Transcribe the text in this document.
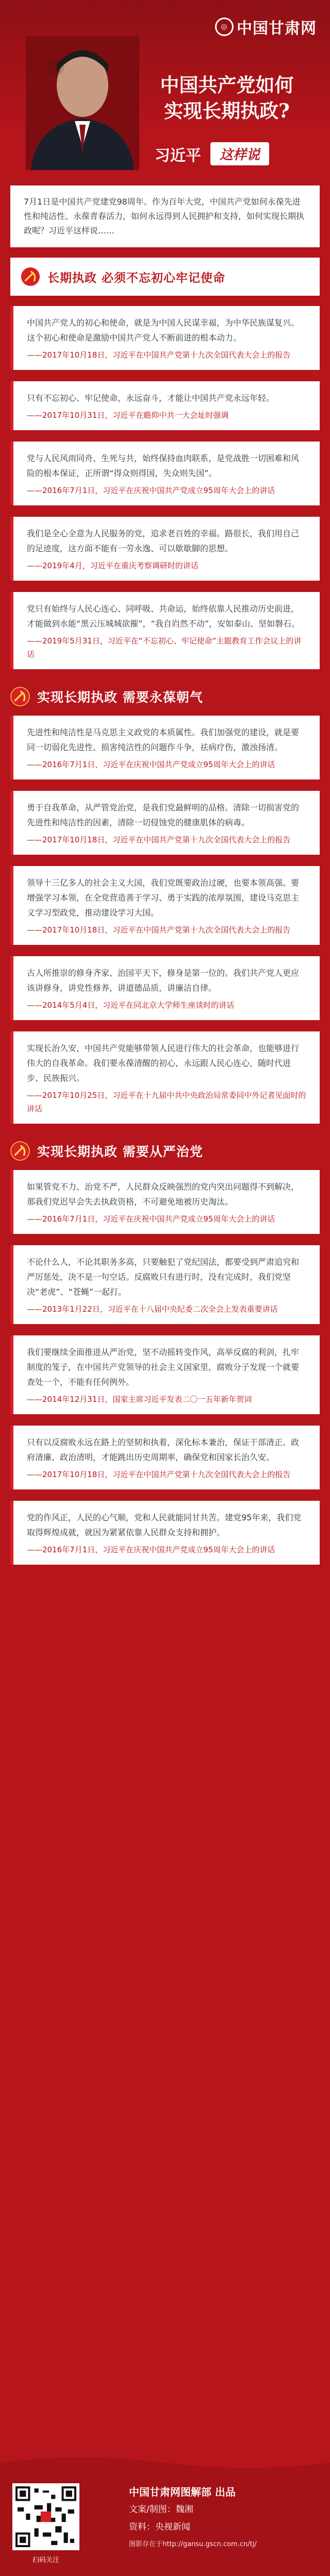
◎ 中国甘肃网
中国共产党如何
实现长期执政?
习近平	这样说
7月1日是中国共产党建党98周年。作为百年大党，中国共产党如何永葆先进性和纯洁性、永葆青春活力，如何永远得到人民拥护和支持，如何实现长期执政呢？习近平这样说……
长期执政 必须不忘初心牢记使命
中国共产党人的初心和使命，就是为中国人民谋幸福，为中华民族谋复兴。这个初心和使命是激励中国共产党人不断前进的根本动力。
——2017年10月18日，习近平在中国共产党第十九次全国代表大会上的报告
只有不忘初心、牢记使命，永远奋斗，才能让中国共产党永远年轻。
——2017年10月31日，习近平在瞻仰中共一大会址时强调
党与人民风雨同舟、生死与共，始终保持血肉联系，是党战胜一切困难和风险的根本保证，正所谓“得众则得国，失众则失国”。
——2016年7月1日，习近平在庆祝中国共产党成立95周年大会上的讲话
我们是全心全意为人民服务的党，追求老百姓的幸福。路很长，我们用自己的足迹度，这方面不能有一劳永逸、可以歇歇脚的思想。
——2019年4月，习近平在重庆考察调研时的讲话
党只有始终与人民心连心、同呼吸、共命运，始终依靠人民推动历史前进，才能做到水能“黑云压城城欲摧”，“我自岿然不动”，安如泰山、坚如磐石。
——2019年5月31日，习近平在“不忘初心、牢记使命”主题教育工作会议上的讲话
实现长期执政 需要永葆朝气
先进性和纯洁性是马克思主义政党的本质属性。我们加强党的建设，就是要同一切弱化先进性、损害纯洁性的问题作斗争，祛病疗伤，激浊扬清。
——2016年7月1日，习近平在庆祝中国共产党成立95周年大会上的讲话
勇于自我革命，从严管党治党，是我们党最鲜明的品格。清除一切损害党的先进性和纯洁性的因素，清除一切侵蚀党的健康肌体的病毒。
——2017年10月18日，习近平在中国共产党第十九次全国代表大会上的报告
领导十三亿多人的社会主义大国，我们党既要政治过硬，也要本领高强。要增强学习本领，在全党营造善于学习、勇于实践的浓厚氛围，建设马克思主义学习型政党，推动建设学习大国。
——2017年10月18日，习近平在中国共产党第十九次全国代表大会上的报告
古人所推崇的修身齐家、治国平天下，修身是第一位的。我们共产党人更应该讲修身，讲党性修养，讲道德品质，讲廉洁自律。
——2014年5月4日，习近平在同北京大学师生座谈时的讲话
实现长治久安，中国共产党能够带领人民进行伟大的社会革命，也能够进行伟大的自我革命。我们要永葆清醒的初心，永远跟人民心连心，随时代进步、民族振兴。
——2017年10月25日，习近平在十九届中共中央政治局常委同中外记者见面时的讲话
实现长期执政 需要从严治党
如果管党不力、治党不严，人民群众反映强烈的党内突出问题得不到解决，那我们党迟早会失去执政资格，不可避免地被历史淘汰。
——2016年7月1日，习近平在庆祝中国共产党成立95周年大会上的讲话
不论什么人，不论其职务多高，只要触犯了党纪国法，都要受到严肃追究和严厉惩处，决不是一句空话。反腐败只有进行时，没有完成时，我们党坚决“老虎”、“苍蝇”一起打。
——2013年1月22日，习近平在十八届中央纪委二次全会上发表重要讲话
我们要继续全面推进从严治党，坚不动摇转变作风，高举反腐的利剑，扎牢制度的笼子，在中国共产党领导的社会主义国家里，腐败分子发现一个就要查处一个，不能有任何例外。
——2014年12月31日，国家主席习近平发表二〇一五年新年贺词
只有以反腐败永远在路上的坚韧和执着，深化标本兼治，保证干部清正、政府清廉、政治清明，才能跳出历史周期率，确保党和国家长治久安。
——2017年10月18日，习近平在中国共产党第十九次全国代表大会上的报告
党的作风正，人民的心气顺，党和人民就能同甘共苦。建党95年来，我们党取得辉煌成就，就因为紧紧依靠人民群众支持和拥护。
——2016年7月1日，习近平在庆祝中国共产党成立95周年大会上的讲话
扫码关注
中国甘肃网图解部 出品
文案/制图：魏湘
资料：央视新闻
图影存在于http://gansu.gscn.com.cn/tj/
